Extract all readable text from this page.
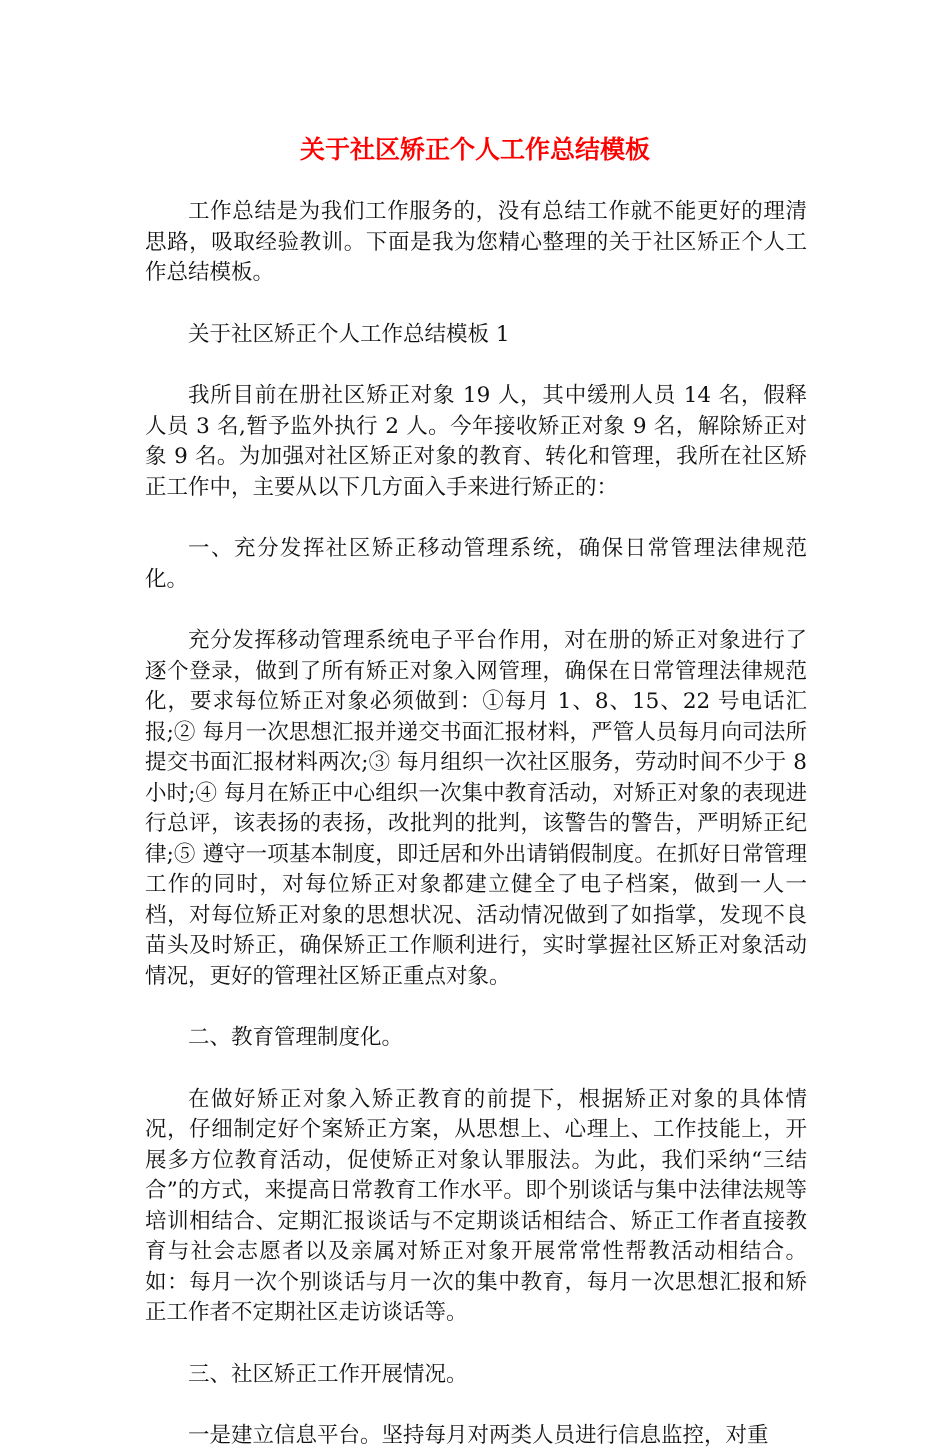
关于社区矫正个人工作总结模板

工作总结是为我们工作服务的，没有总结工作就不能更好的理清思路，吸取经验教训。下面是我为您精心整理的关于社区矫正个人工作总结模板。

关于社区矫正个人工作总结模板 1

我所目前在册社区矫正对象 19 人，其中缓刑人员 14 名，假释人员 3 名,暂予监外执行 2 人。今年接收矫正对象 9 名，解除矫正对象 9 名。为加强对社区矫正对象的教育、转化和管理，我所在社区矫正工作中，主要从以下几方面入手来进行矫正的：

一、充分发挥社区矫正移动管理系统，确保日常管理法律规范化。

充分发挥移动管理系统电子平台作用，对在册的矫正对象进行了逐个登录，做到了所有矫正对象入网管理，确保在日常管理法律规范化，要求每位矫正对象必须做到：①每月 1、8、15、22 号电话汇报;② 每月一次思想汇报并递交书面汇报材料，严管人员每月向司法所提交书面汇报材料两次;③ 每月组织一次社区服务，劳动时间不少于 8 小时;④ 每月在矫正中心组织一次集中教育活动，对矫正对象的表现进行总评，该表扬的表扬，改批判的批判，该警告的警告，严明矫正纪律;⑤ 遵守一项基本制度，即迁居和外出请销假制度。在抓好日常管理工作的同时，对每位矫正对象都建立健全了电子档案，做到一人一档，对每位矫正对象的思想状况、活动情况做到了如指掌，发现不良苗头及时矫正，确保矫正工作顺利进行，实时掌握社区矫正对象活动情况，更好的管理社区矫正重点对象。

二、教育管理制度化。

在做好矫正对象入矫正教育的前提下，根据矫正对象的具体情况，仔细制定好个案矫正方案，从思想上、心理上、工作技能上，开展多方位教育活动，促使矫正对象认罪服法。为此，我们采纳“三结合”的方式，来提高日常教育工作水平。即个别谈话与集中法律法规等培训相结合、定期汇报谈话与不定期谈话相结合、矫正工作者直接教育与社会志愿者以及亲属对矫正对象开展常常性帮教活动相结合。如：每月一次个别谈话与月一次的集中教育，每月一次思想汇报和矫正工作者不定期社区走访谈话等。

三、社区矫正工作开展情况。

一是建立信息平台。坚持每月对两类人员进行信息监控，对重
